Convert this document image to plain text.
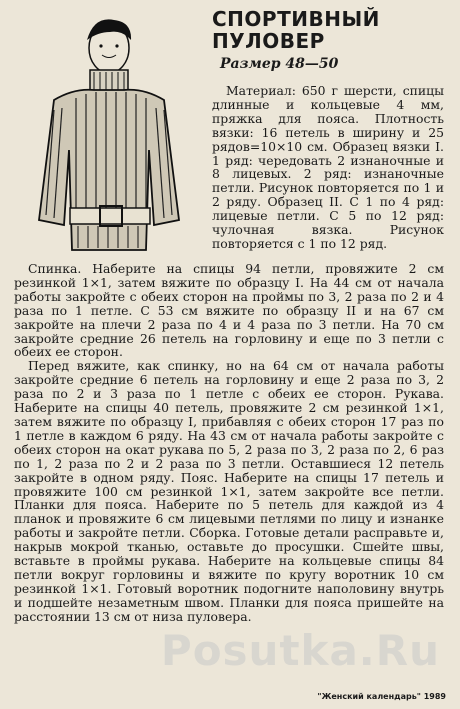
СПОРТИВНЫЙ
ПУЛОВЕР
Размер 48—50

Материал: 650 г шерсти, спицы длинные и кольцевые 4 мм, пряжка для пояса. Плотность вязки: 16 петель в ширину и 25 рядов=10×10 см. Образец вязки I. 1 ряд: чередовать 2 изнаночные и 8 лицевых. 2 ряд: изнаночные петли. Рисунок повторяется по 1 и 2 ряду. Образец II. С 1 по 4 ряд: лицевые петли. С 5 по 12 ряд: чулочная вязка. Рисунок повторяется с 1 по 12 ряд.

Спинка. Наберите на спицы 94 петли, провяжите 2 см резинкой 1×1, затем вяжите по образцу I. На 44 см от начала работы закройте с обеих сторон на проймы по 3, 2 раза по 2 и 4 раза по 1 петле. С 53 см вяжите по образцу II и на 67 см закройте на плечи 2 раза по 4 и 4 раза по 3 петли. На 70 см закройте средние 26 петель на горловину и еще по 3 петли с обеих ее сторон.

Перед вяжите, как спинку, но на 64 см от начала работы закройте средние 6 петель на горловину и еще 2 раза по 3, 2 раза по 2 и 3 раза по 1 петле с обеих ее сторон. Рукава. Наберите на спицы 40 петель, провяжите 2 см резинкой 1×1, затем вяжите по образцу I, прибавляя с обеих сторон 17 раз по 1 петле в каждом 6 ряду. На 43 см от начала работы закройте с обеих сторон на окат рукава по 5, 2 раза по 3, 2 раза по 2, 6 раз по 1, 2 раза по 2 и 2 раза по 3 петли. Оставшиеся 12 петель закройте в одном ряду. Пояс. Наберите на спицы 17 петель и провяжите 100 см резинкой 1×1, затем закройте все петли. Планки для пояса. Наберите по 5 петель для каждой из 4 планок и провяжите 6 см лицевыми петлями по лицу и изнанке работы и закройте петли. Сборка. Готовые детали расправьте и, накрыв мокрой тканью, оставьте до просушки. Сшейте швы, вставьте в проймы рукава. Наберите на кольцевые спицы 84 петли вокруг горловины и вяжите по кругу воротник 10 см резинкой 1×1. Готовый воротник подогните наполовину внутрь и подшейте незаметным швом. Планки для пояса пришейте на расстоянии 13 см от низа пуловера.

Posutka.Ru
"Женский календарь" 1989
